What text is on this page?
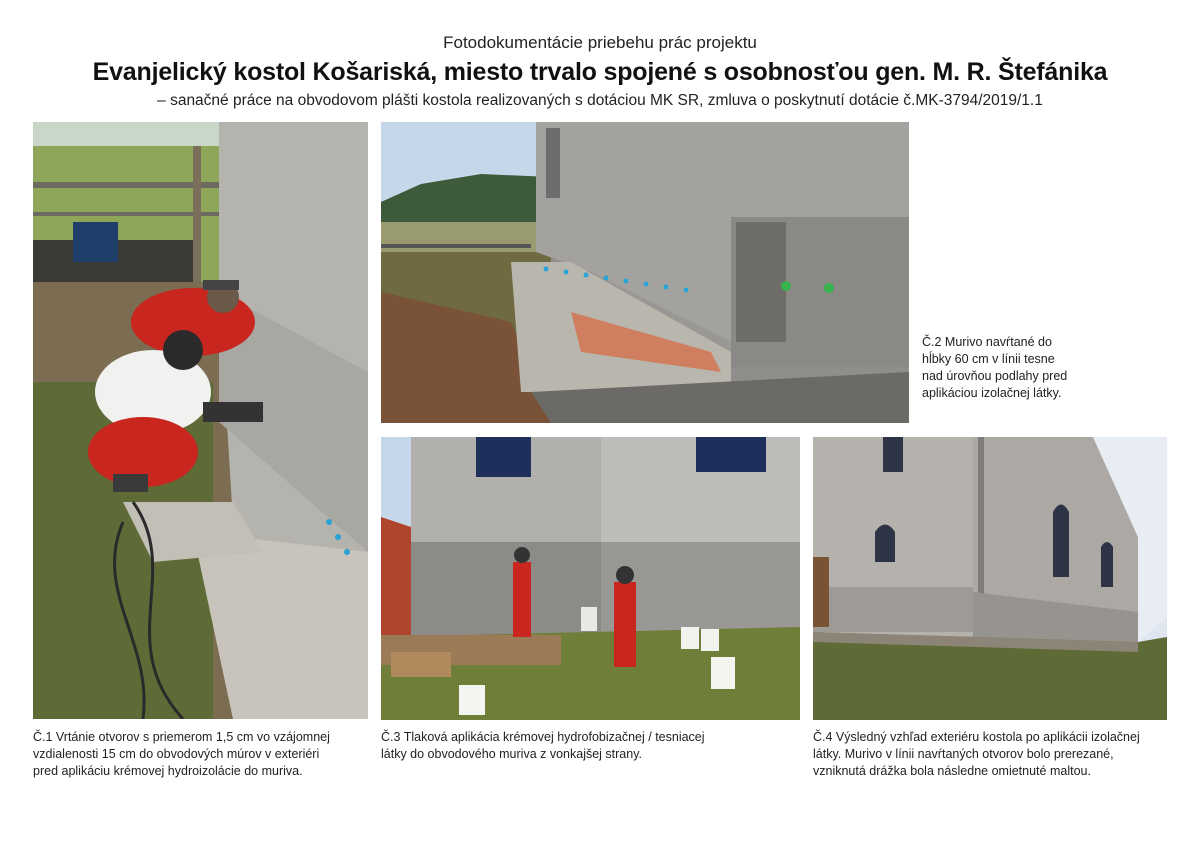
Fotodokumentácie priebehu prác projektu
Evanjelický kostol Košariská, miesto trvalo spojené s osobnosťou gen. M. R. Štefánika
– sanačné práce na obvodovom plášti kostola realizovaných s dotáciou MK SR, zmluva o poskytnutí dotácie č.MK-3794/2019/1.1
Č.1 Vrtánie otvorov s priemerom 1,5 cm vo vzájomnej
vzdialenosti 15 cm do obvodových múrov v exteriéri
pred aplikáciu krémovej hydroizolácie do muriva.
Č.2 Murivo navŕtané do
hĺbky 60 cm v línii tesne
nad úrovňou podlahy pred
aplikáciou izolačnej látky.
Č.3 Tlaková aplikácia krémovej hydrofobizačnej / tesniacej
látky do obvodového muriva z vonkajšej strany.
Č.4 Výsledný vzhľad exteriéru kostola po aplikácii izolačnej
látky. Murivo v línii navŕtaných otvorov bolo prerezané,
vzniknutá drážka bola následne omietnuté maltou.
